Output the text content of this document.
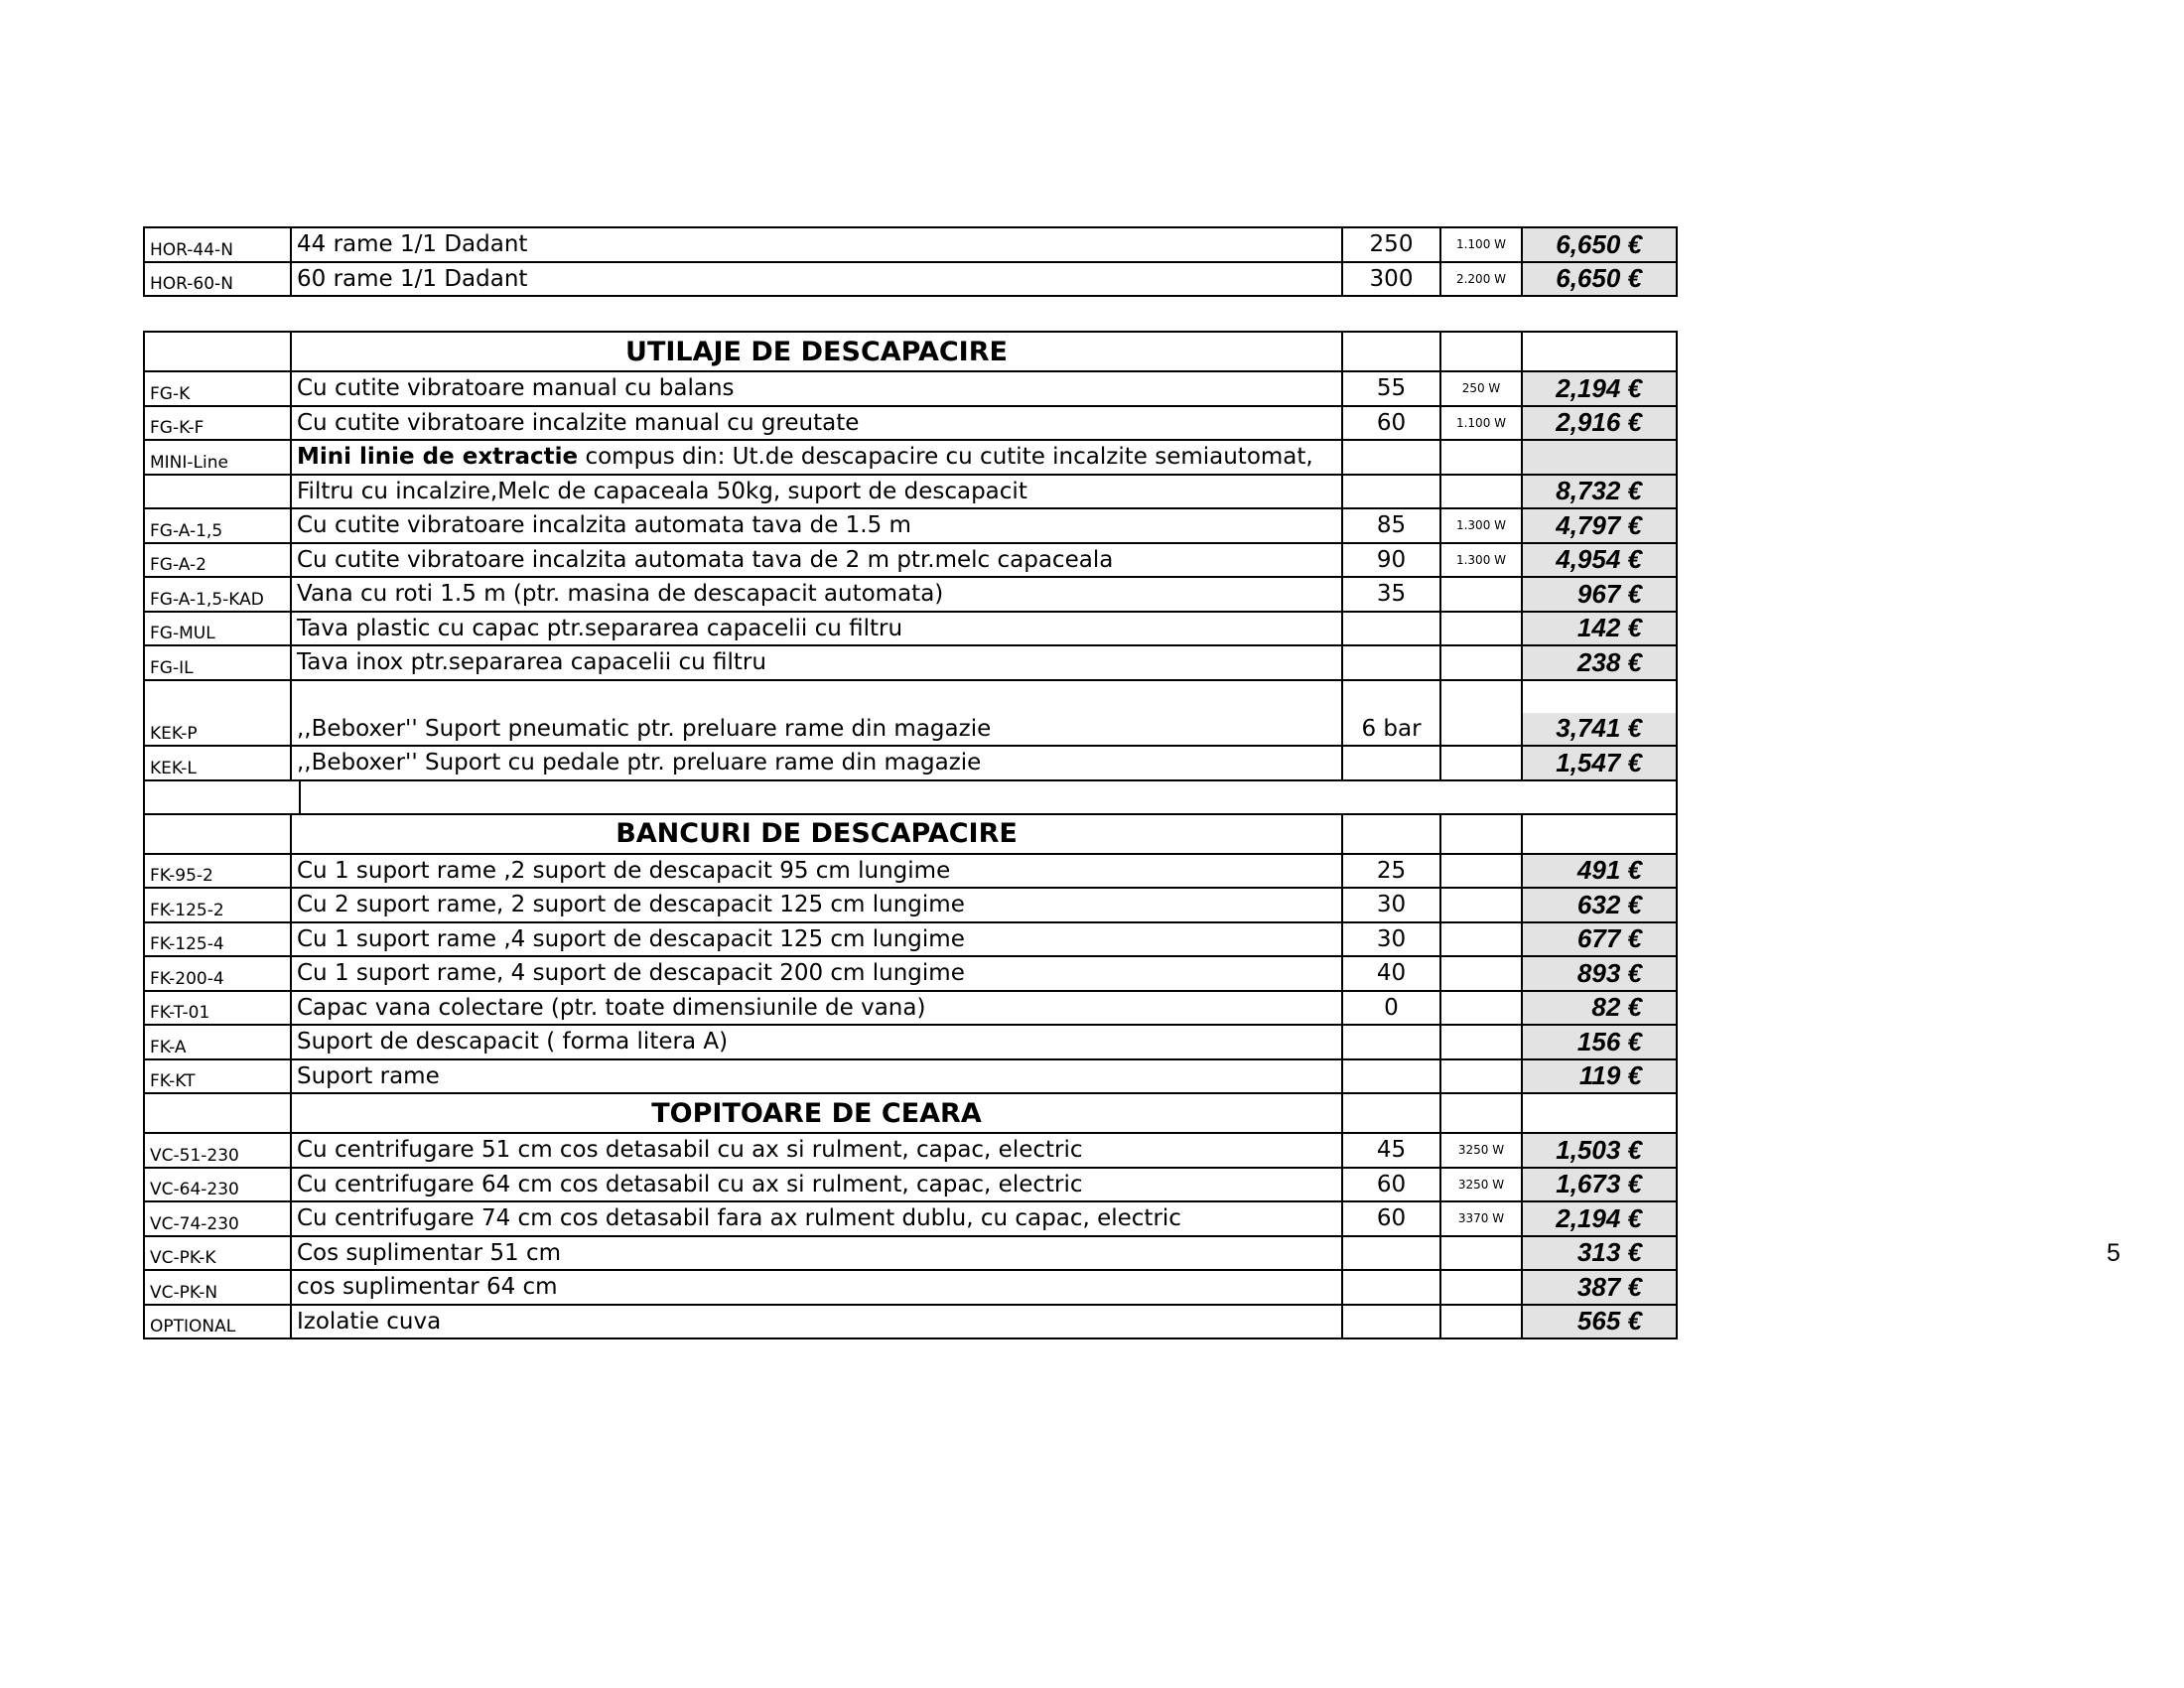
HOR-44-N	44 rame 1/1 Dadant	250	1.100 W	6,650 €
HOR-60-N	60 rame 1/1 Dadant	300	2.200 W	6,650 €
	UTILAJE DE DESCAPACIRE			
FG-K	Cu cutite vibratoare manual cu balans	55	250 W	2,194 €
FG-K-F	Cu cutite vibratoare incalzite manual cu greutate	60	1.100 W	2,916 €
MINI-Line	Mini linie de extractie compus din: Ut.de descapacire cu cutite incalzite semiautomat,			
	Filtru cu incalzire,Melc de capaceala 50kg, suport de descapacit			8,732 €
FG-A-1,5	Cu cutite vibratoare incalzita automata tava de 1.5 m	85	1.300 W	4,797 €
FG-A-2	Cu cutite vibratoare incalzita automata tava de 2 m ptr.melc capaceala	90	1.300 W	4,954 €
FG-A-1,5-KAD	Vana cu roti 1.5 m (ptr. masina de descapacit automata)	35		967 €
FG-MUL	Tava plastic cu capac ptr.separarea capacelii cu filtru			142 €
FG-IL	Tava inox ptr.separarea capacelii cu filtru			238 €

KEK-P	,,Beboxer'' Suport pneumatic ptr. preluare rame din magazie	6 bar		3,741 €
KEK-L	,,Beboxer'' Suport cu pedale ptr. preluare rame din magazie			1,547 €

	BANCURI DE DESCAPACIRE			
FK-95-2	Cu 1 suport rame ,2 suport de descapacit 95 cm lungime	25		491 €
FK-125-2	Cu 2 suport rame, 2 suport de descapacit 125 cm lungime	30		632 €
FK-125-4	Cu 1 suport rame ,4 suport de descapacit 125 cm lungime	30		677 €
FK-200-4	Cu 1 suport rame, 4 suport de descapacit 200 cm lungime	40		893 €
FK-T-01	Capac vana colectare (ptr. toate dimensiunile de vana)	0		82 €
FK-A	Suport de descapacit ( forma litera A)			156 €
FK-KT	Suport rame			119 €
	TOPITOARE DE CEARA			
VC-51-230	Cu centrifugare 51 cm cos detasabil cu ax si rulment, capac, electric	45	3250 W	1,503 €
VC-64-230	Cu centrifugare 64 cm cos detasabil cu ax si rulment, capac, electric	60	3250 W	1,673 €
VC-74-230	Cu centrifugare 74 cm cos detasabil fara ax rulment dublu, cu capac, electric	60	3370 W	2,194 €
VC-PK-K	Cos suplimentar 51 cm			313 €
VC-PK-N	cos suplimentar 64 cm			387 €
OPTIONAL	Izolatie cuva			565 €
5
